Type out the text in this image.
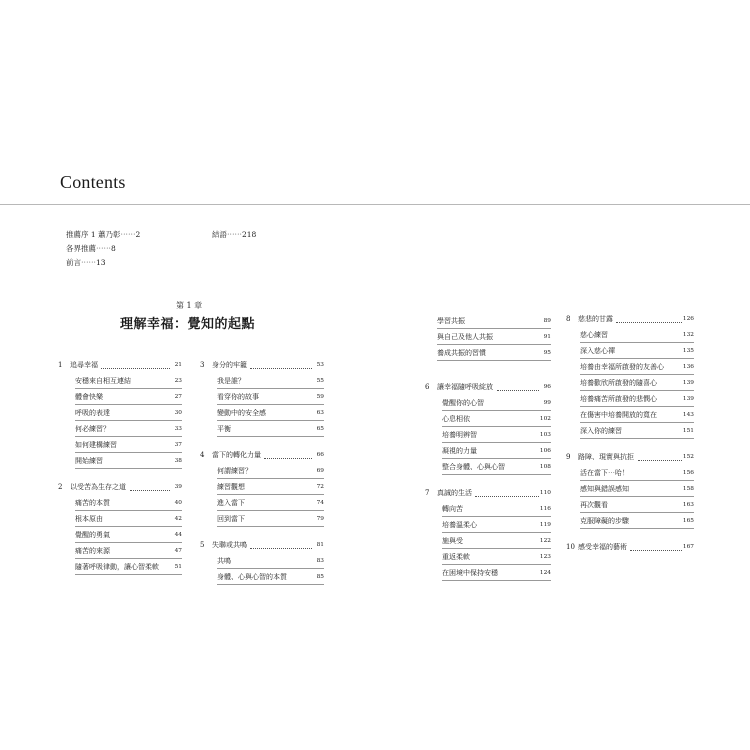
Contents
推薦序 1 蕭乃彰⋯⋯2
各界推薦⋯⋯8
前言⋯⋯13
結語⋯⋯218
第 1 章
理解幸福：覺知的起點
1 追尋幸福	21
安穩來自相互連結	23
體會快樂	27
呼吸的表達	30
何必練習？	33
如何建構練習	37
開始練習	38
2 以受苦為生存之道	39
痛苦的本質	40
根本原由	42
覺醒的勇氣	44
痛苦的來源	47
隨著呼吸律動，讓心智柔軟	51
3 身分的牢籠	53
我是誰？	55
看穿你的故事	59
變動中的安全感	63
平衡	65
4 當下的轉化力量	66
何謂練習？	69
練習觀想	72
進入當下	74
回到當下	79
5 失聯或共鳴	81
共鳴	83
身體、心與心智的本質	85
學習共振	89
與自己及他人共振	91
養成共振的習慣	95
6 讓幸福隨呼吸綻放	96
覺醒你的心智	99
心息相依	102
培養明辨智	103
凝視的力量	106
整合身體、心與心智	108
7 真誠的生活	110
轉向苦	116
培養溫柔心	119
施與受	122
重返柔軟	123
在困境中保持安穩	124
8 慈悲的甘露	126
慈心練習	132
深入慈心禪	135
培養由幸福所啟發的友善心	136
培養歡欣所啟發的隨喜心	139
培養痛苦所啟發的悲憫心	139
在傷害中培養開放的寬在	143
深入你的練習	151
9 路障、現實與抗拒	152
活在當下⋯哈！	156
感知與錯誤感知	158
再次觀看	163
克服障礙的步驟	165
10 感受幸福的藝術	167
